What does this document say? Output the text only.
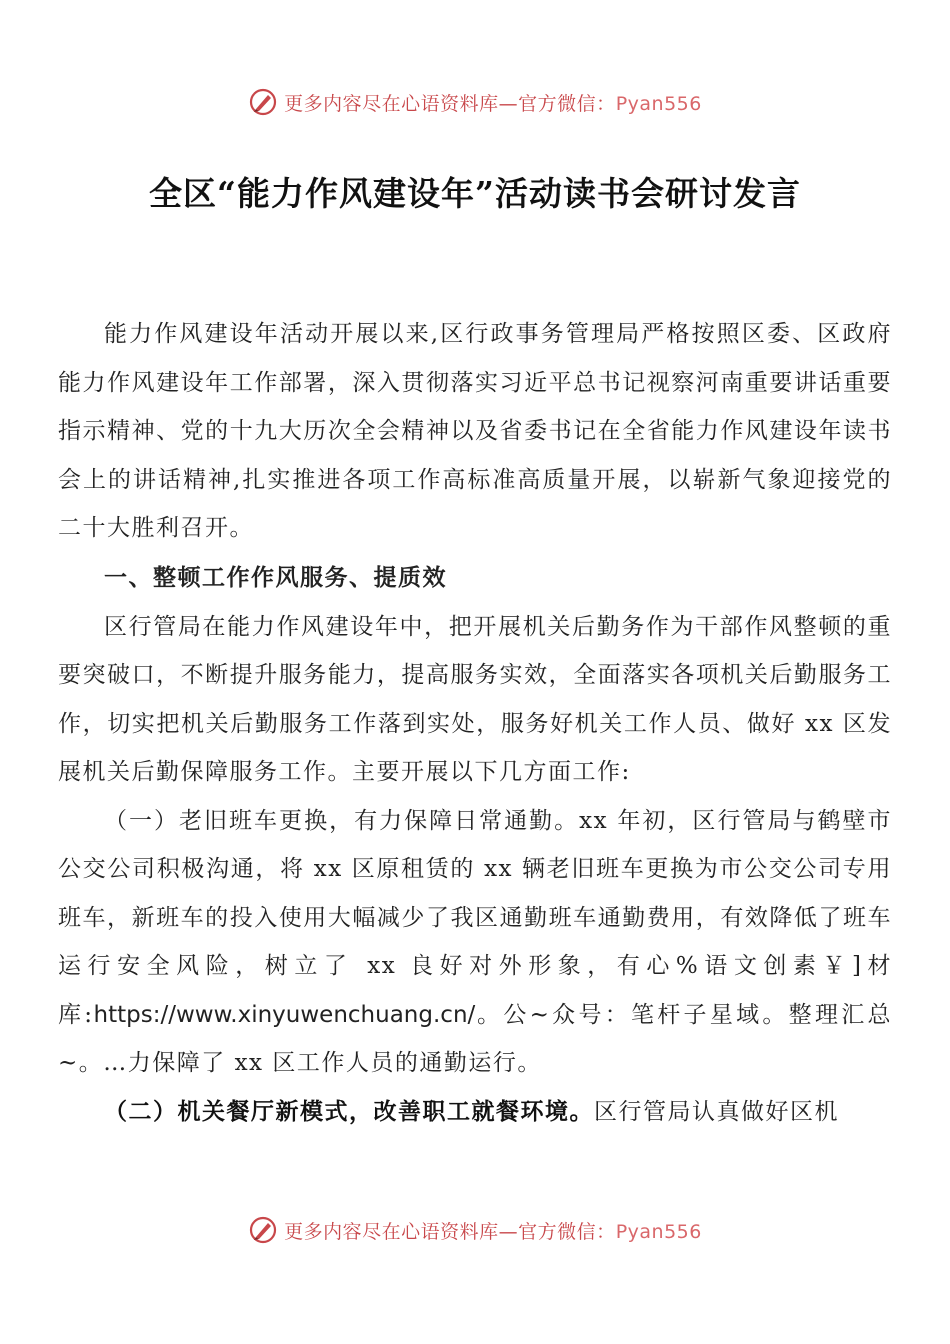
更多内容尽在心语资料库—官方微信：Pyan556
全区“能力作风建设年”活动读书会研讨发言

能力作风建设年活动开展以来,区行政事务管理局严格按照区委、区政府能力作风建设年工作部署，深入贯彻落实习近平总书记视察河南重要讲话重要指示精神、党的十九大历次全会精神以及省委书记在全省能力作风建设年读书会上的讲话精神,扎实推进各项工作高标准高质量开展，以崭新气象迎接党的二十大胜利召开。

一、整顿工作作风服务、提质效

区行管局在能力作风建设年中，把开展机关后勤务作为干部作风整顿的重要突破口，不断提升服务能力，提高服务实效，全面落实各项机关后勤服务工作，切实把机关后勤服务工作落到实处，服务好机关工作人员、做好 xx 区发展机关后勤保障服务工作。主要开展以下几方面工作:

（一）老旧班车更换，有力保障日常通勤。xx 年初，区行管局与鹤壁市公交公司积极沟通，将 xx 区原租赁的 xx 辆老旧班车更换为市公交公司专用班车，新班车的投入使用大幅减少了我区通勤班车通勤费用，有效降低了班车运行安全风险，树立了 xx 良好对外形象，有心%语文创素￥]材库:https://www.xinyuwenchuang.cn/。公~众号：笔杆子星域。整理汇总~。…力保障了 xx 区工作人员的通勤运行。

（二）机关餐厅新模式，改善职工就餐环境。区行管局认真做好区机

更多内容尽在心语资料库—官方微信：Pyan556
